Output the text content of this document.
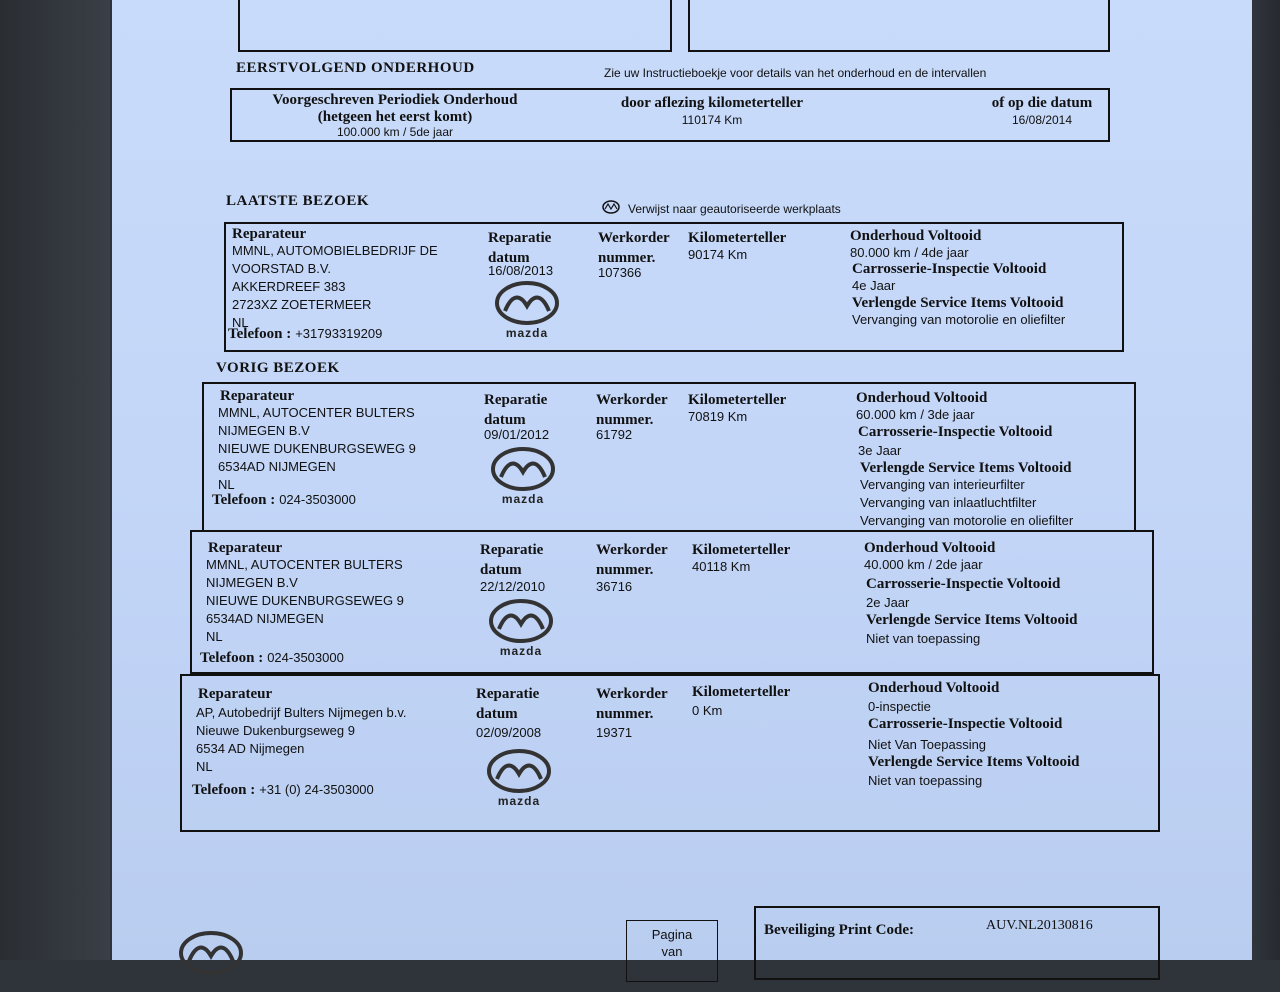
EERSTVOLGEND ONDERHOUD	Zie uw Instructieboekje voor details van het onderhoud en de intervallen
Voorgeschreven Periodiek Onderhoud
(hetgeen het eerst komt)
100.000 km / 5de jaar
door aflezing kilometerteller
110174 Km
of op die datum
16/08/2014
LAATSTE BEZOEK	Verwijst naar geautoriseerde werkplaats
Reparateur
MMNL, AUTOMOBIELBEDRIJF DE
VOORSTAD B.V.
AKKERDREEF 383
2723XZ ZOETERMEER
NL
Telefoon : +31793319209
Reparatie
datum
16/08/2013
mazda
Werkorder
nummer.
107366
Kilometerteller
90174 Km
Onderhoud Voltooid
80.000 km / 4de jaar
Carrosserie-Inspectie Voltooid
4e Jaar
Verlengde Service Items Voltooid
Vervanging van motorolie en oliefilter
VORIG BEZOEK
Reparateur
MMNL, AUTOCENTER BULTERS
NIJMEGEN B.V
NIEUWE DUKENBURGSEWEG 9
6534AD NIJMEGEN
NL
Telefoon : 024-3503000
Reparatie
datum
09/01/2012
mazda
Werkorder
nummer.
61792
Kilometerteller
70819 Km
Onderhoud Voltooid
60.000 km / 3de jaar
Carrosserie-Inspectie Voltooid
3e Jaar
Verlengde Service Items Voltooid
Vervanging van interieurfilter
Vervanging van inlaatluchtfilter
Vervanging van motorolie en oliefilter
Reparateur
MMNL, AUTOCENTER BULTERS
NIJMEGEN B.V
NIEUWE DUKENBURGSEWEG 9
6534AD NIJMEGEN
NL
Telefoon : 024-3503000
Reparatie
datum
22/12/2010
mazda
Werkorder
nummer.
36716
Kilometerteller
40118 Km
Onderhoud Voltooid
40.000 km / 2de jaar
Carrosserie-Inspectie Voltooid
2e Jaar
Verlengde Service Items Voltooid
Niet van toepassing
Reparateur
AP, Autobedrijf Bulters Nijmegen b.v.
Nieuwe Dukenburgseweg 9
6534 AD Nijmegen
NL
Telefoon : +31 (0) 24-3503000
Reparatie
datum
02/09/2008
mazda
Werkorder
nummer.
19371
Kilometerteller
0 Km
Onderhoud Voltooid
0-inspectie
Carrosserie-Inspectie Voltooid
Niet Van Toepassing
Verlengde Service Items Voltooid
Niet van toepassing
Pagina
van
Beveiliging Print Code:	AUV.NL20130816
